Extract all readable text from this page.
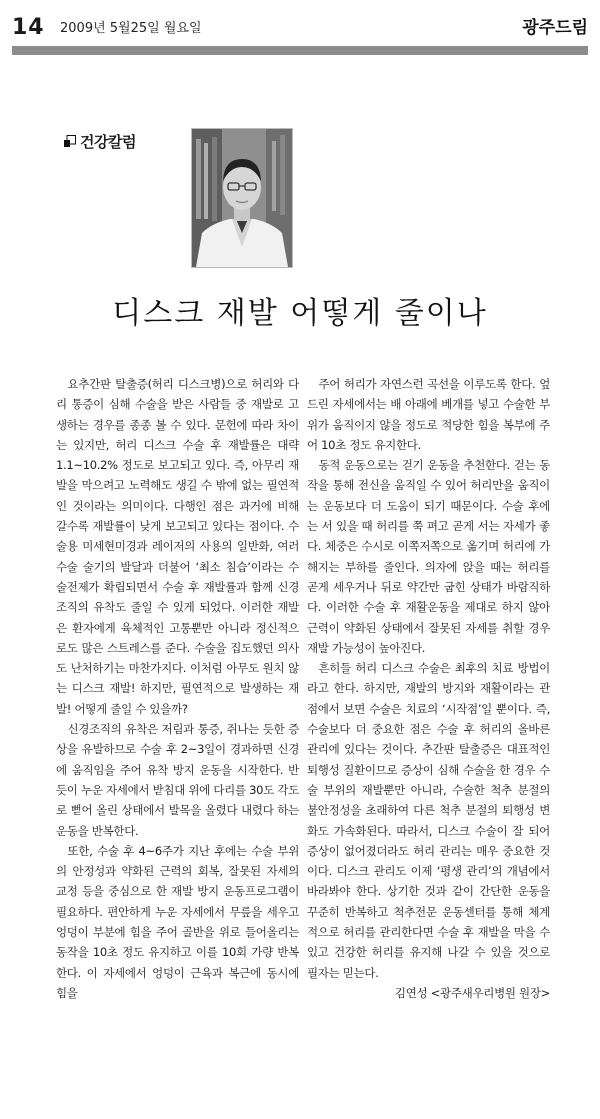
14 2009년 5월25일 월요일	광주드림
건강칼럼
디스크 재발 어떻게 줄이나

요추간판 탈출증(허리 디스크병)으로 허리와 다리 통증이 심해 수술을 받은 사람들 중 재발로 고생하는 경우를 종종 볼 수 있다. 문헌에 따라 차이는 있지만, 허리 디스크 수술 후 재발률은 대략 1.1~10.2% 정도로 보고되고 있다. 즉, 아무리 재발을 막으려고 노력해도 생길 수 밖에 없는 필연적인 것이라는 의미이다. 다행인 점은 과거에 비해 갈수록 재발률이 낮게 보고되고 있다는 점이다. 수술용 미세현미경과 레이저의 사용의 일반화, 여러 수술 술기의 발달과 더불어 ‘최소 침습’이라는 수술전제가 확립되면서 수술 후 재발률과 함께 신경조직의 유착도 줄일 수 있게 되었다. 이러한 재발은 환자에게 육체적인 고통뿐만 아니라 정신적으로도 많은 스트레스를 준다. 수술을 집도했던 의사도 난처하기는 마찬가지다. 이처럼 아무도 원치 않는 디스크 재발! 하지만, 필연적으로 발생하는 재발! 어떻게 줄일 수 있을까?

신경조직의 유착은 저림과 통증, 쥐나는 듯한 증상을 유발하므로 수술 후 2~3일이 경과하면 신경에 움직임을 주어 유착 방지 운동을 시작한다. 반듯이 누운 자세에서 받침대 위에 다리를 30도 각도로 뻗어 올린 상태에서 발목을 올렸다 내렸다 하는 운동을 반복한다.

또한, 수술 후 4~6주가 지난 후에는 수술 부위의 안정성과 약화된 근력의 회복, 잘못된 자세의 교정 등을 중심으로 한 재발 방지 운동프로그램이 필요하다. 편안하게 누운 자세에서 무릎을 세우고 엉덩이 부분에 힘을 주어 골반을 위로 들어올리는 동작을 10초 정도 유지하고 이를 10회 가량 반복한다. 이 자세에서 엉덩이 근육과 복근에 동시에 힘을

주어 허리가 자연스런 곡선을 이루도록 한다. 엎드린 자세에서는 배 아래에 베개를 넣고 수술한 부위가 움직이지 않을 정도로 적당한 힘을 복부에 주어 10초 정도 유지한다.

동적 운동으로는 걷기 운동을 추천한다. 걷는 동작을 통해 전신을 움직일 수 있어 허리만을 움직이는 운동보다 더 도움이 되기 때문이다. 수술 후에는 서 있을 때 허리를 쭉 펴고 곧게 서는 자세가 좋다. 체중은 수시로 이쪽저쪽으로 옮기며 허리에 가해지는 부하를 줄인다. 의자에 앉을 때는 허리를 곧게 세우거나 뒤로 약간만 굽힌 상태가 바람직하다. 이러한 수술 후 재활운동을 제대로 하지 않아 근력이 약화된 상태에서 잘못된 자세를 취할 경우 재발 가능성이 높아진다.

흔히들 허리 디스크 수술은 최후의 치료 방법이라고 한다. 하지만, 재발의 방지와 재활이라는 관점에서 보면 수술은 치료의 ‘시작점’일 뿐이다. 즉, 수술보다 더 중요한 점은 수술 후 허리의 올바른 관리에 있다는 것이다. 추간판 탈출증은 대표적인 퇴행성 질환이므로 증상이 심해 수술을 한 경우 수술 부위의 재발뿐만 아니라, 수술한 척추 분절의 불안정성을 초래하여 다른 척추 분절의 퇴행성 변화도 가속화된다. 따라서, 디스크 수술이 잘 되어 증상이 없어졌더라도 허리 관리는 매우 중요한 것이다. 디스크 관리도 이제 ‘평생 관리’의 개념에서 바라봐야 한다. 상기한 것과 같이 간단한 운동을 꾸준히 반복하고 척추전문 운동센터를 통해 체계적으로 허리를 관리한다면 수술 후 재발을 막을 수 있고 건강한 허리를 유지해 나갈 수 있을 것으로 필자는 믿는다.

김연성 <광주새우리병원 원장>
